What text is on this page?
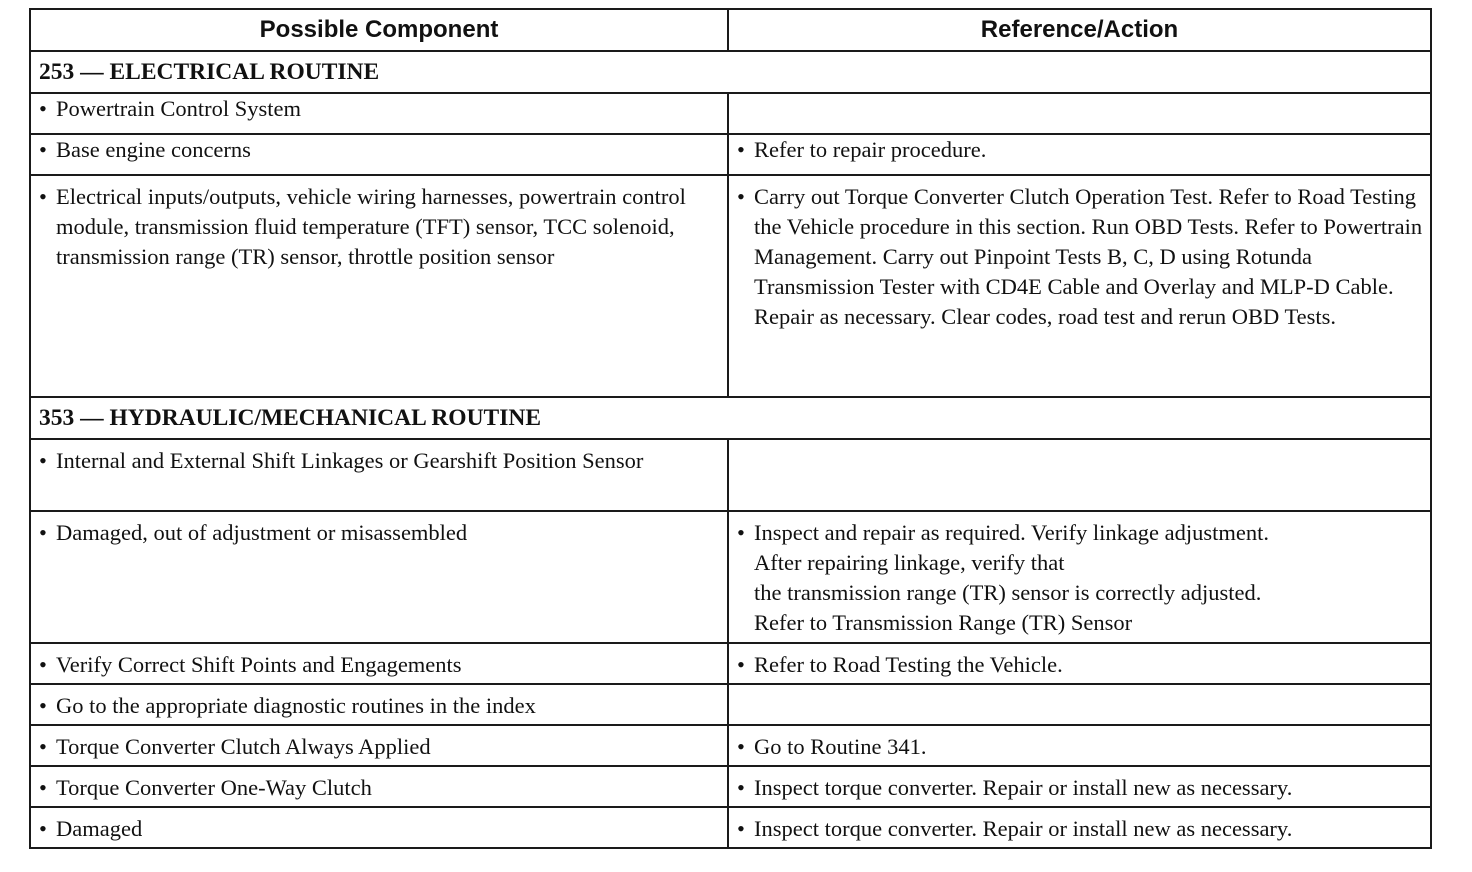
Possible Component	Reference/Action
253 — ELECTRICAL ROUTINE	

• Powertrain Control System	

• Base engine concerns	• Refer to repair procedure.

• Electrical inputs/outputs, vehicle wiring harnesses, powertrain control module, transmission fluid temperature (TFT) sensor, TCC solenoid, transmission range (TR) sensor, throttle position sensor	• Carry out Torque Converter Clutch Operation Test. Refer to Road Testing the Vehicle procedure in this section. Run OBD Tests. Refer to Powertrain Management. Carry out Pinpoint Tests B, C, D using Rotunda Transmission Tester with CD4E Cable and Overlay and MLP-D Cable. Repair as necessary. Clear codes, road test and rerun OBD Tests.

353 — HYDRAULIC/MECHANICAL ROUTINE	

• Internal and External Shift Linkages or Gearshift Position Sensor	

• Damaged, out of adjustment or misassembled	• Inspect and repair as required. Verify linkage adjustment.
After repairing linkage, verify that
the transmission range (TR) sensor is correctly adjusted.
Refer to Transmission Range (TR) Sensor

• Verify Correct Shift Points and Engagements	• Refer to Road Testing the Vehicle.

• Go to the appropriate diagnostic routines in the index	

• Torque Converter Clutch Always Applied	• Go to Routine 341.

• Torque Converter One-Way Clutch	• Inspect torque converter. Repair or install new as necessary.

• Damaged	• Inspect torque converter. Repair or install new as necessary.
